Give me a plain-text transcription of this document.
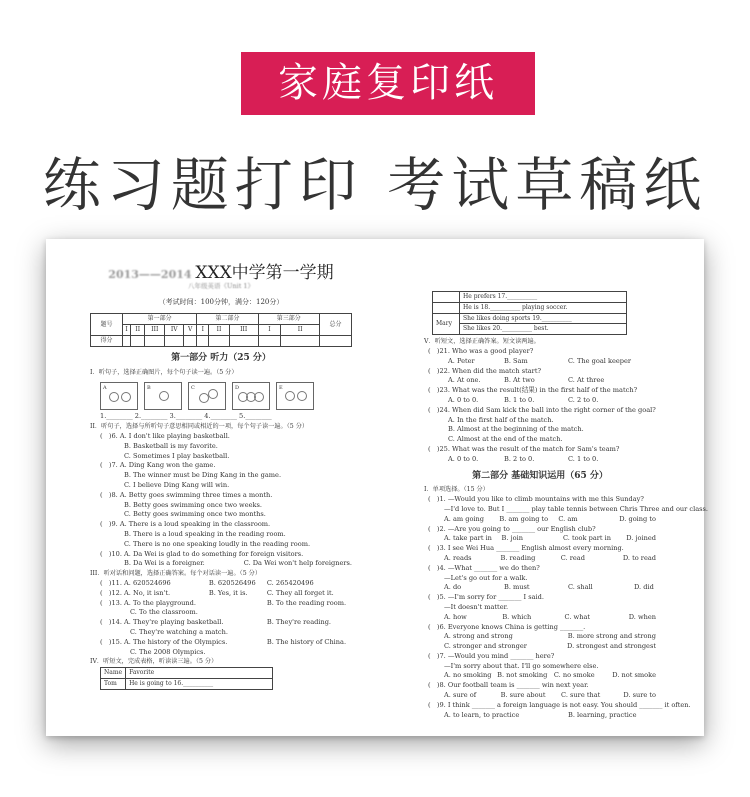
家庭复印纸
练习题打印 考试草稿纸
2013——2014 XXX中学第一学期
八年级英语《Unit 1》
（考试时间：100分钟，满分：120分）
题号	第一部分					第二部分			第三部分		总分
	I	II	III	IV	V	I	II	III	I	II	
得分											
第一部分 听力（25 分）
I．听句子，选择正确图片，每个句子读一遍。（5 分）
A	B	C	D	E
1.________ 2.________ 3.________ 4.________ 5.________
II．听句子，选择与所听句子意思相同或相近的一项，每个句子读一遍。（5 分）
( )6. A. I don't like playing basketball.
B. Basketball is my favorite.
C. Sometimes I play basketball.
( )7. A. Ding Kang won the game.
B. The winner must be Ding Kang in the game.
C. I believe Ding Kang will win.
( )8. A. Betty goes swimming three times a month.
B. Betty goes swimming once two weeks.
C. Betty goes swimming once two months.
( )9. A. There is a loud speaking in the classroom.
B. There is a loud speaking in the reading room.
C. There is no one speaking loudly in the reading room.
(   )10. A. Da Wei is glad to do something for foreign visitors.
B. Da Wei is a foreigner.	C. Da Wei won't help foreigners.
III．听对话和问题，选择正确答案。每个对话读一遍。（5 分）
( )11. A. 620524696	B. 620526496	C. 265420496
( )12. A. No, it isn't.	B. Yes, it is.	C. They all forget it.
( )13. A. To the playground.	B. To the reading room.
C. To the classroom.
( )14. A. They're playing basketball.	B. They're reading.
C. They're watching a match.
( )15. A. The history of the Olympics.	B. The history of China.
C. The 2008 Olympics.
IV．听短文，完成表格，听读读三遍。（5 分）
Name	Favorite
Tom	He is going to 16.__________
	He prefers 17.__________
	He is 18.__________ playing soccer.
Mary	She likes doing sports 19.__________
	She likes 20.__________ best.
V．听短文，选择正确答案。短文读两遍。
(   )21. Who was a good player?
A. Peter	B. Sam	C. The goal keeper
(   )22. When did the match start?
A. At one.	B. At two	C. At three
(   )23. What was the result(结果) in the first half of the match?
A. 0 to 0.	B. 1 to 0.	C. 2 to 0.
(   )24. When did Sam kick the ball into the right corner of the goal?
A. In the first half of the match.
B. Almost at the beginning of the match.
C. Almost at the end of the match.
(   )25. What was the result of the match for Sam's team?
A. 0 to 0.	B. 2 to 0.	C. 1 to 0.
第二部分 基础知识运用（65 分）
I．单项选择。（15 分）
(   )1. —Would you like to climb mountains with me this Sunday?
—I'd love to. But I _______ play table tennis between Chris Three and our class.
A. am going	B. am going to	C. am	D. going to
(   )2. —Are you going to _______ our English club?
A. take part in	B. join	C. took part in	D. joined
(   )3. I see Wei Hua _______ English almost every morning.
A. reads	B. reading	C. read	D. to read
(   )4. —What _______ we do then?
—Let's go out for a walk.
A. do	B. must	C. shall	D. did
(   )5. —I'm sorry for _______ I said.
—It doesn't matter.
A. how	B. which	C. what	D. when
(   )6. Everyone knows China is getting _______.
A. strong and strong	B. more strong and strong
C. stronger and stronger	D. strongest and strongest
(   )7. —Would you mind _______ here?
—I'm sorry about that. I'll go somewhere else.
A. no smoking B. not smoking C. no smoke	D. not smoke
(   )8. Our football team is _______ win next year.
A. sure of	B. sure about	C. sure that	D. sure to
(   )9. I think _______ a foreign language is not easy. You should _______ it often.
A. to learn, to practice	B. learning, practice
